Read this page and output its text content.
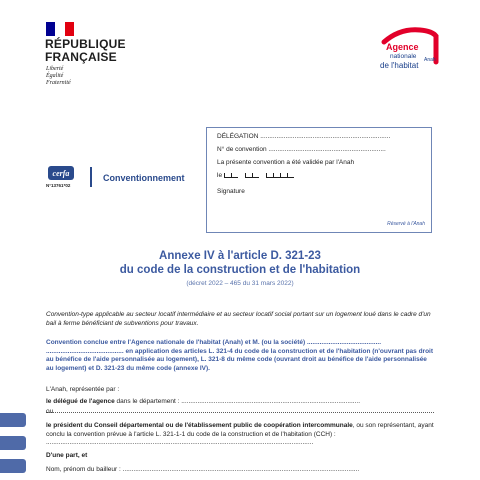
RÉPUBLIQUE
FRANÇAISE
Liberté
Égalité
Fraternité
Agence
nationale
de l'habitat
Anah
cerfa
N°13761*02
Conventionnement
DÉLÉGATION ........................................................................
N° de convention .................................................................
La présente convention a été validée par l'Anah
le
Signature
Réservé à l'Anah
Annexe IV à l'article D. 321-23
du code de la construction et de l'habitation
(décret 2022 – 465 du 31 mars 2022)
Convention-type applicable au secteur locatif intermédiaire et au secteur locatif social portant sur un logement loué dans le cadre d'un bail à ferme bénéficiant de subventions pour travaux.
Convention conclue entre l'Agence nationale de l'habitat (Anah) et M. (ou la société) ......................................... ........................................... en application des articles L. 321-4 du code de la construction et de l'habitation (n'ouvrant pas droit au bénéfice de l'aide personnalisée au logement), L. 321-8 du même code (ouvrant droit au bénéfice de l'aide personnalisée au logement) et D. 321-23 du même code (annexe IV).
L'Anah, représentée par :
le délégué de l'agence dans le département : ...................................................................................................
ou
le président du Conseil départemental ou de l'établissement public de coopération intercommunale, ou son représentant, ayant conclu la convention prévue à l'article L. 321-1-1 du code de la construction et de l'habitation (CCH) : ....................................................................................................................................................
D'une part, et
Nom, prénom du bailleur : ...................................................................................................................................
